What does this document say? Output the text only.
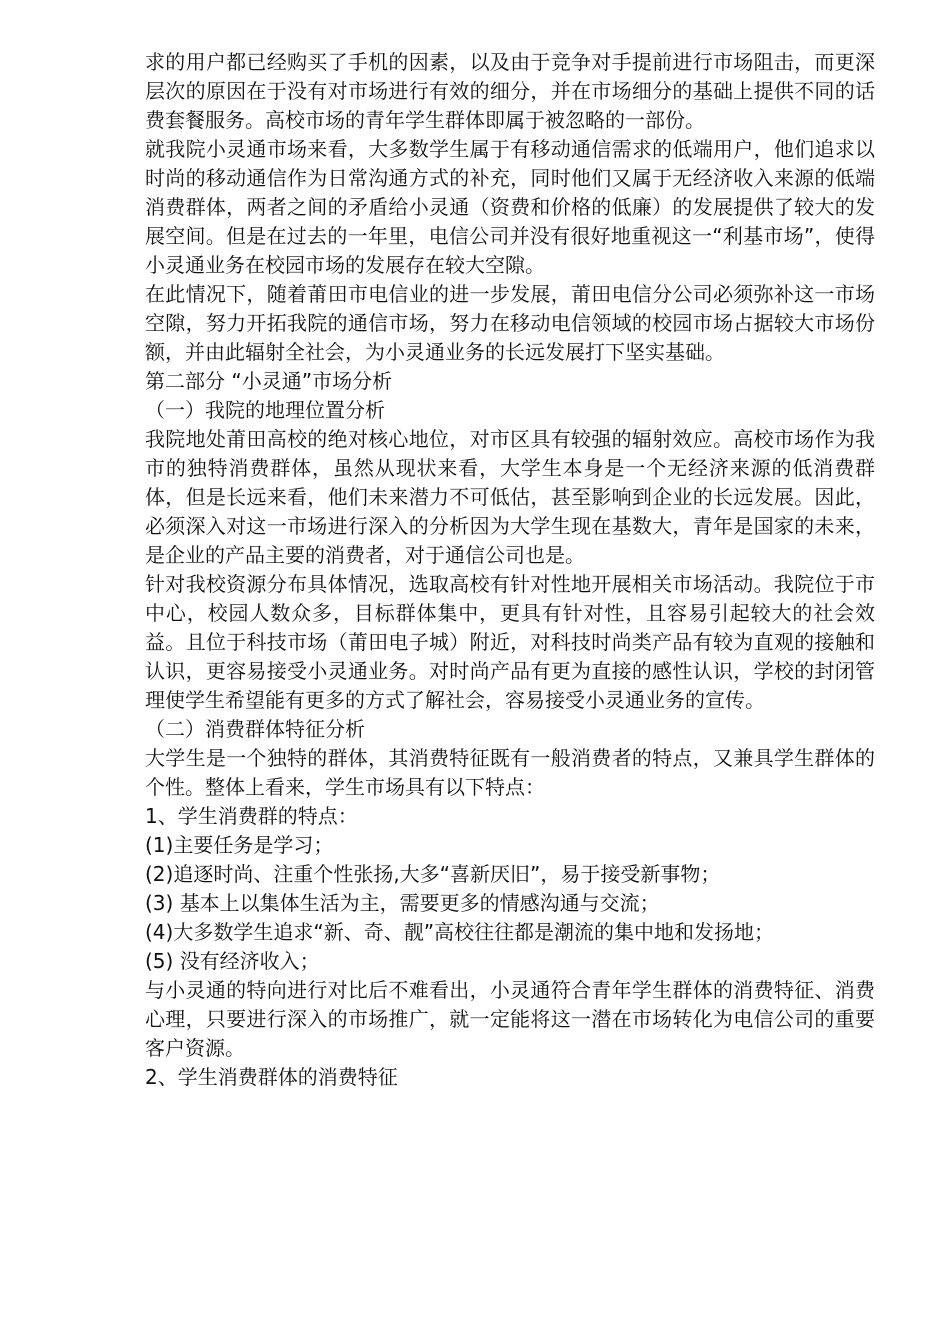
求的用户都已经购买了手机的因素，以及由于竞争对手提前进行市场阻击，而更深层次的原因在于没有对市场进行有效的细分，并在市场细分的基础上提供不同的话费套餐服务。高校市场的青年学生群体即属于被忽略的一部份。

就我院小灵通市场来看，大多数学生属于有移动通信需求的低端用户，他们追求以时尚的移动通信作为日常沟通方式的补充，同时他们又属于无经济收入来源的低端消费群体，两者之间的矛盾给小灵通（资费和价格的低廉）的发展提供了较大的发展空间。但是在过去的一年里，电信公司并没有很好地重视这一“利基市场”，使得小灵通业务在校园市场的发展存在较大空隙。

在此情况下，随着莆田市电信业的进一步发展，莆田电信分公司必须弥补这一市场空隙，努力开拓我院的通信市场，努力在移动电信领域的校园市场占据较大市场份额，并由此辐射全社会，为小灵通业务的长远发展打下坚实基础。

第二部分 “小灵通”市场分析

（一）我院的地理位置分析

我院地处莆田高校的绝对核心地位，对市区具有较强的辐射效应。高校市场作为我市的独特消费群体，虽然从现状来看，大学生本身是一个无经济来源的低消费群体，但是长远来看，他们未来潜力不可低估，甚至影响到企业的长远发展。因此，必须深入对这一市场进行深入的分析因为大学生现在基数大，青年是国家的未来，是企业的产品主要的消费者，对于通信公司也是。

针对我校资源分布具体情况，选取高校有针对性地开展相关市场活动。我院位于市中心，校园人数众多，目标群体集中，更具有针对性，且容易引起较大的社会效益。且位于科技市场（莆田电子城）附近，对科技时尚类产品有较为直观的接触和认识，更容易接受小灵通业务。对时尚产品有更为直接的感性认识，学校的封闭管理使学生希望能有更多的方式了解社会，容易接受小灵通业务的宣传。

（二）消费群体特征分析

大学生是一个独特的群体，其消费特征既有一般消费者的特点，又兼具学生群体的个性。整体上看来，学生市场具有以下特点：

1、学生消费群的特点：

(1)主要任务是学习；

(2)追逐时尚、注重个性张扬,大多“喜新厌旧”，易于接受新事物；

(3) 基本上以集体生活为主，需要更多的情感沟通与交流；

(4)大多数学生追求“新、奇、靓”高校往往都是潮流的集中地和发扬地；

(5) 没有经济收入；

与小灵通的特向进行对比后不难看出，小灵通符合青年学生群体的消费特征、消费心理，只要进行深入的市场推广，就一定能将这一潜在市场转化为电信公司的重要客户资源。

2、学生消费群体的消费特征
